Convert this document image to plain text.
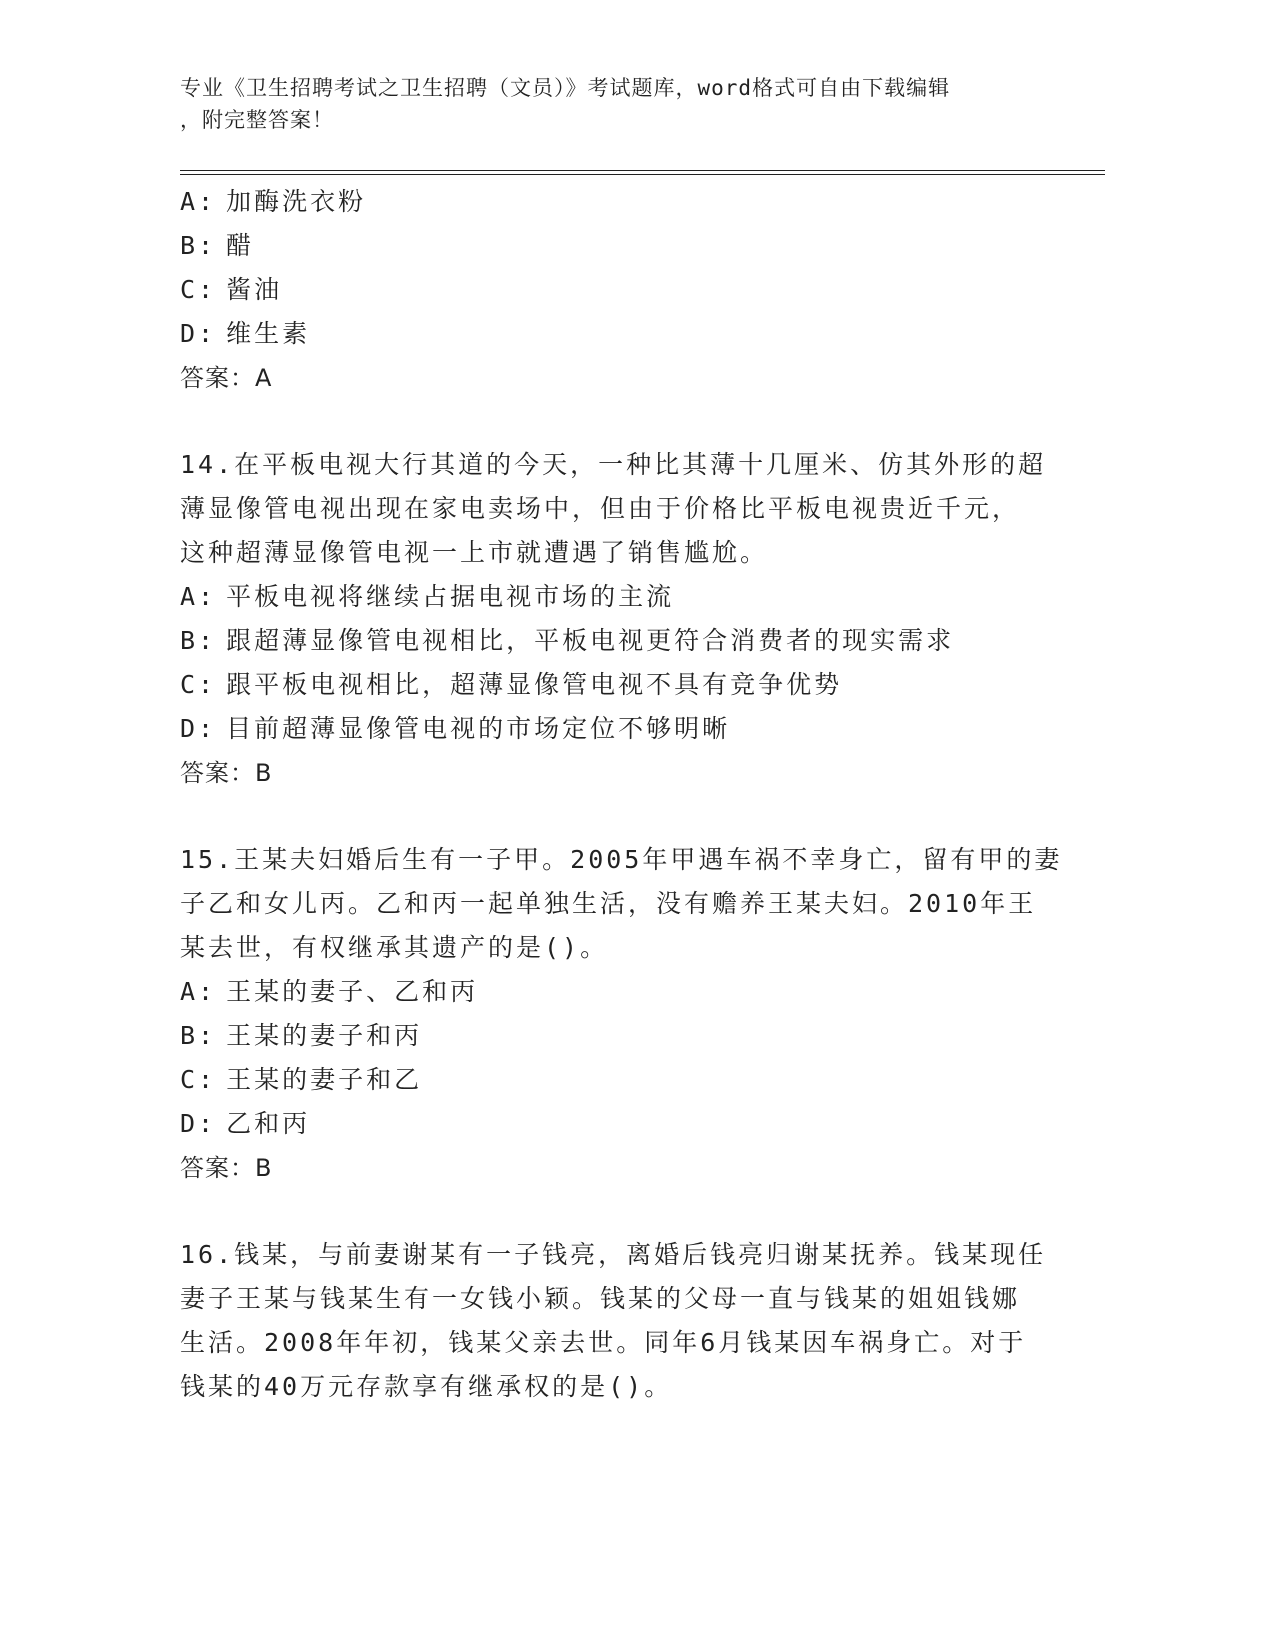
专业《卫生招聘考试之卫生招聘（文员）》考试题库，word格式可自由下载编辑
，附完整答案！
A: 加酶洗衣粉
B: 醋
C: 酱油
D: 维生素
答案：A
14.在平板电视大行其道的今天，一种比其薄十几厘米、仿其外形的超
薄显像管电视出现在家电卖场中，但由于价格比平板电视贵近千元，
这种超薄显像管电视一上市就遭遇了销售尴尬。
A: 平板电视将继续占据电视市场的主流
B: 跟超薄显像管电视相比，平板电视更符合消费者的现实需求
C: 跟平板电视相比，超薄显像管电视不具有竞争优势
D: 目前超薄显像管电视的市场定位不够明晰
答案：B
15.王某夫妇婚后生有一子甲。2005年甲遇车祸不幸身亡，留有甲的妻
子乙和女儿丙。乙和丙一起单独生活，没有赡养王某夫妇。2010年王
某去世，有权继承其遗产的是()。
A: 王某的妻子、乙和丙
B: 王某的妻子和丙
C: 王某的妻子和乙
D: 乙和丙
答案：B
16.钱某，与前妻谢某有一子钱亮，离婚后钱亮归谢某抚养。钱某现任
妻子王某与钱某生有一女钱小颖。钱某的父母一直与钱某的姐姐钱娜
生活。2008年年初，钱某父亲去世。同年6月钱某因车祸身亡。对于
钱某的40万元存款享有继承权的是()。
